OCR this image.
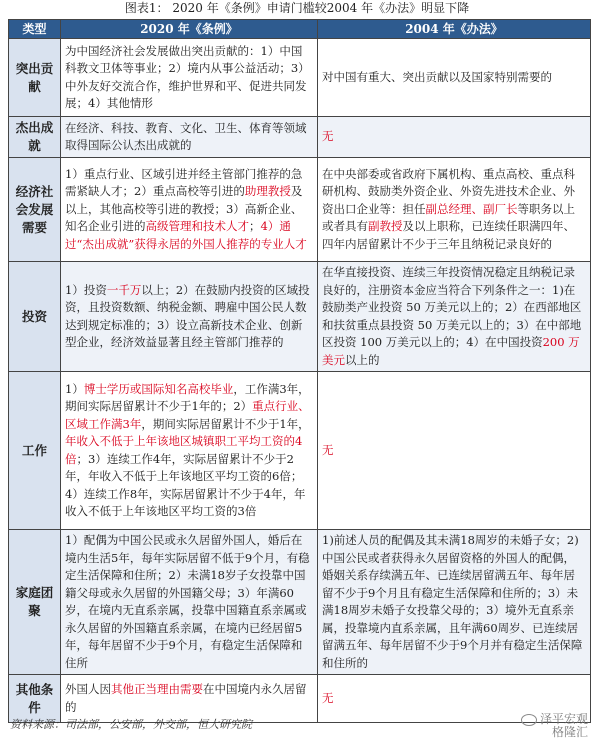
图表1： 2020 年《条例》申请门槛较2004 年《办法》明显下降
类型	2020 年《条例》	2004 年《办法》
突出贡献	为中国经济社会发展做出突出贡献的：1）中国科教文卫体等事业；2）境内从事公益活动；3）中外友好交流合作，维护世界和平、促进共同发展；4）其他情形	对中国有重大、突出贡献以及国家特别需要的
杰出成就	在经济、科技、教育、文化、卫生、体育等领域取得国际公认杰出成就的	无
经济社会发展需要	1）重点行业、区域引进并经主管部门推荐的急需紧缺人才；2）重点高校等引进的助理教授及以上，其他高校等引进的教授；3）高新企业、知名企业引进的高级管理和技术人才；4）通过“杰出成就”获得永居的外国人推荐的专业人才	在中央部委或省政府下属机构、重点高校、重点科研机构、鼓励类外资企业、外资先进技术企业、外资出口企业等：担任副总经理、副厂长等职务以上或者具有副教授及以上职称，已连续任职满四年、四年内居留累计不少于三年且纳税记录良好的
投资	1）投资一千万以上；2）在鼓励内投资的区域投资，且投资数额、纳税金额、聘雇中国公民人数达到规定标准的；3）设立高新技术企业、创新型企业，经济效益显著且经主管部门推荐的	在华直接投资、连续三年投资情况稳定且纳税记录良好的，注册资本金应当符合下列条件之一：1)在鼓励类产业投资 50 万美元以上的；2）在西部地区和扶贫重点县投资 50 万美元以上的；3）在中部地区投资 100 万美元以上的；4）在中国投资200 万美元以上的
工作	1）博士学历或国际知名高校毕业，工作满3年，期间实际居留累计不少于1年的；2）重点行业、区域工作满3年，期间实际居留累计不少于1年，年收入不低于上年该地区城镇职工平均工资的4倍；3）连续工作4年，实际居留累计不少于2年，年收入不低于上年该地区平均工资的6倍；4）连续工作8年，实际居留累计不少于4年，年收入不低于上年该地区平均工资的3倍	无
家庭团聚	1）配偶为中国公民或永久居留外国人，婚后在境内生活5年，每年实际居留不低于9个月，有稳定生活保障和住所；2）未满18岁子女投靠中国籍父母或永久居留的外国籍父母；3）年满60岁，在境内无直系亲属，投靠中国籍直系亲属或永久居留的外国籍直系亲属，在境内已经居留5年，每年居留不少于9个月，有稳定生活保障和住所	1)前述人员的配偶及其未满18周岁的未婚子女；2)中国公民或者获得永久居留资格的外国人的配偶，婚姻关系存续满五年、已连续居留满五年、每年居留不少于9个月且有稳定生活保障和住所的；3）未满18周岁未婚子女投靠父母的；3）境外无直系亲属，投靠境内直系亲属，且年满60周岁、已连续居留满五年、每年居留不少于9个月并有稳定生活保障和住所的
其他条件	外国人因其他正当理由需要在中国境内永久居留的	无
资料来源：司法部，公安部，外交部，恒大研究院	泽平宏观
格隆汇
